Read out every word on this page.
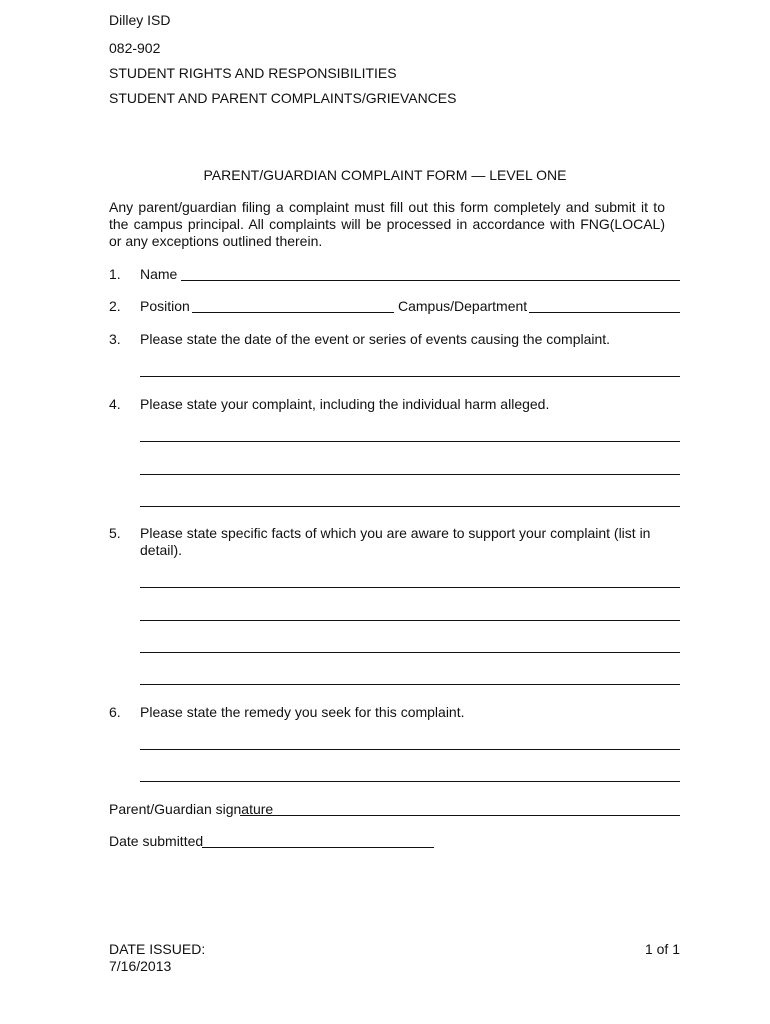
Dilley ISD
082-902
STUDENT RIGHTS AND RESPONSIBILITIES
STUDENT AND PARENT COMPLAINTS/GRIEVANCES
PARENT/GUARDIAN COMPLAINT FORM — LEVEL ONE
Any parent/guardian filing a complaint must fill out this form completely and submit it to the campus principal. All complaints will be processed in accordance with FNG(LOCAL) or any exceptions outlined therein.
1. Name
2. Position	Campus/Department
3. Please state the date of the event or series of events causing the complaint.
4. Please state your complaint, including the individual harm alleged.
5. Please state specific facts of which you are aware to support your complaint (list in detail).
6. Please state the remedy you seek for this complaint.
Parent/Guardian signature
Date submitted
DATE ISSUED:
7/16/2013
1 of 1
